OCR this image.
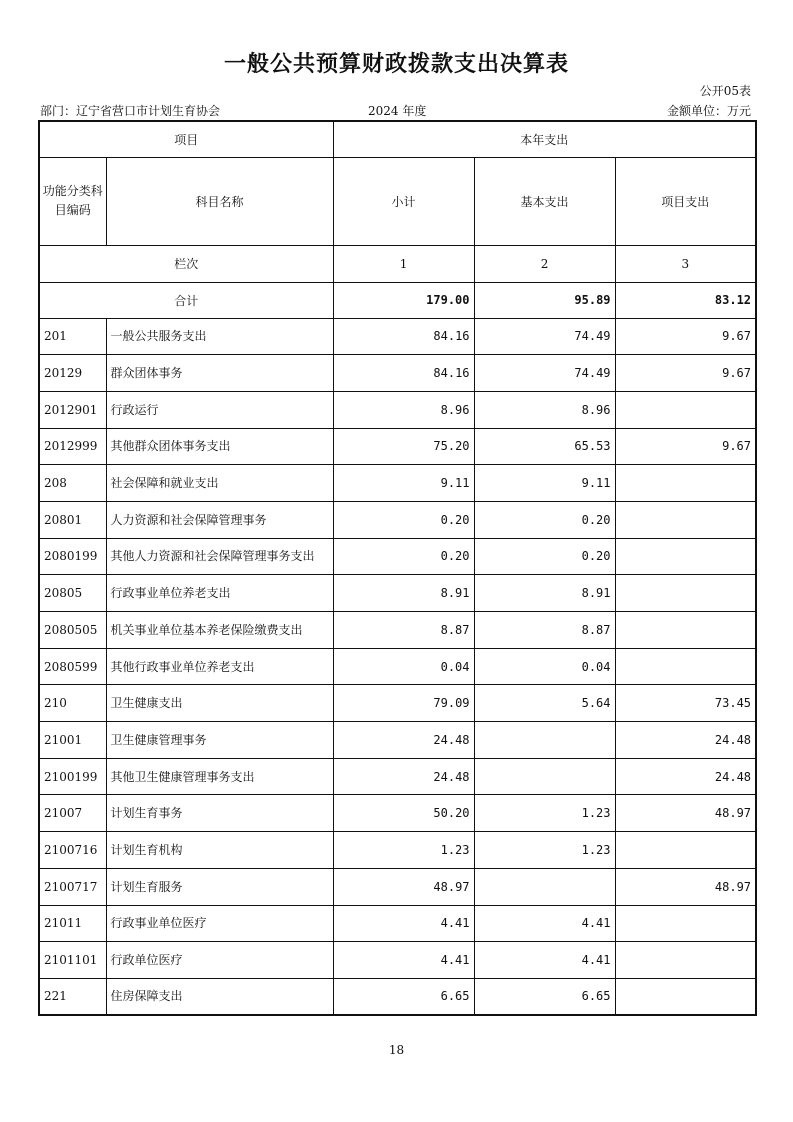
一般公共预算财政拨款支出决算表
公开05表
部门：辽宁省营口市计划生育协会	2024 年度	金额单位：万元
项目		本年支出		
功能分类科目编码	科目名称	小计	基本支出	项目支出
栏次		1	2	3
合计		179.00	95.89	83.12
201	一般公共服务支出	84.16	74.49	9.67
20129	群众团体事务	84.16	74.49	9.67
2012901	行政运行	8.96	8.96	
2012999	其他群众团体事务支出	75.20	65.53	9.67
208	社会保障和就业支出	9.11	9.11	
20801	人力资源和社会保障管理事务	0.20	0.20	
2080199	其他人力资源和社会保障管理事务支出	0.20	0.20	
20805	行政事业单位养老支出	8.91	8.91	
2080505	机关事业单位基本养老保险缴费支出	8.87	8.87	
2080599	其他行政事业单位养老支出	0.04	0.04	
210	卫生健康支出	79.09	5.64	73.45
21001	卫生健康管理事务	24.48		24.48
2100199	其他卫生健康管理事务支出	24.48		24.48
21007	计划生育事务	50.20	1.23	48.97
2100716	计划生育机构	1.23	1.23	
2100717	计划生育服务	48.97		48.97
21011	行政事业单位医疗	4.41	4.41	
2101101	行政单位医疗	4.41	4.41	
221	住房保障支出	6.65	6.65	
18
